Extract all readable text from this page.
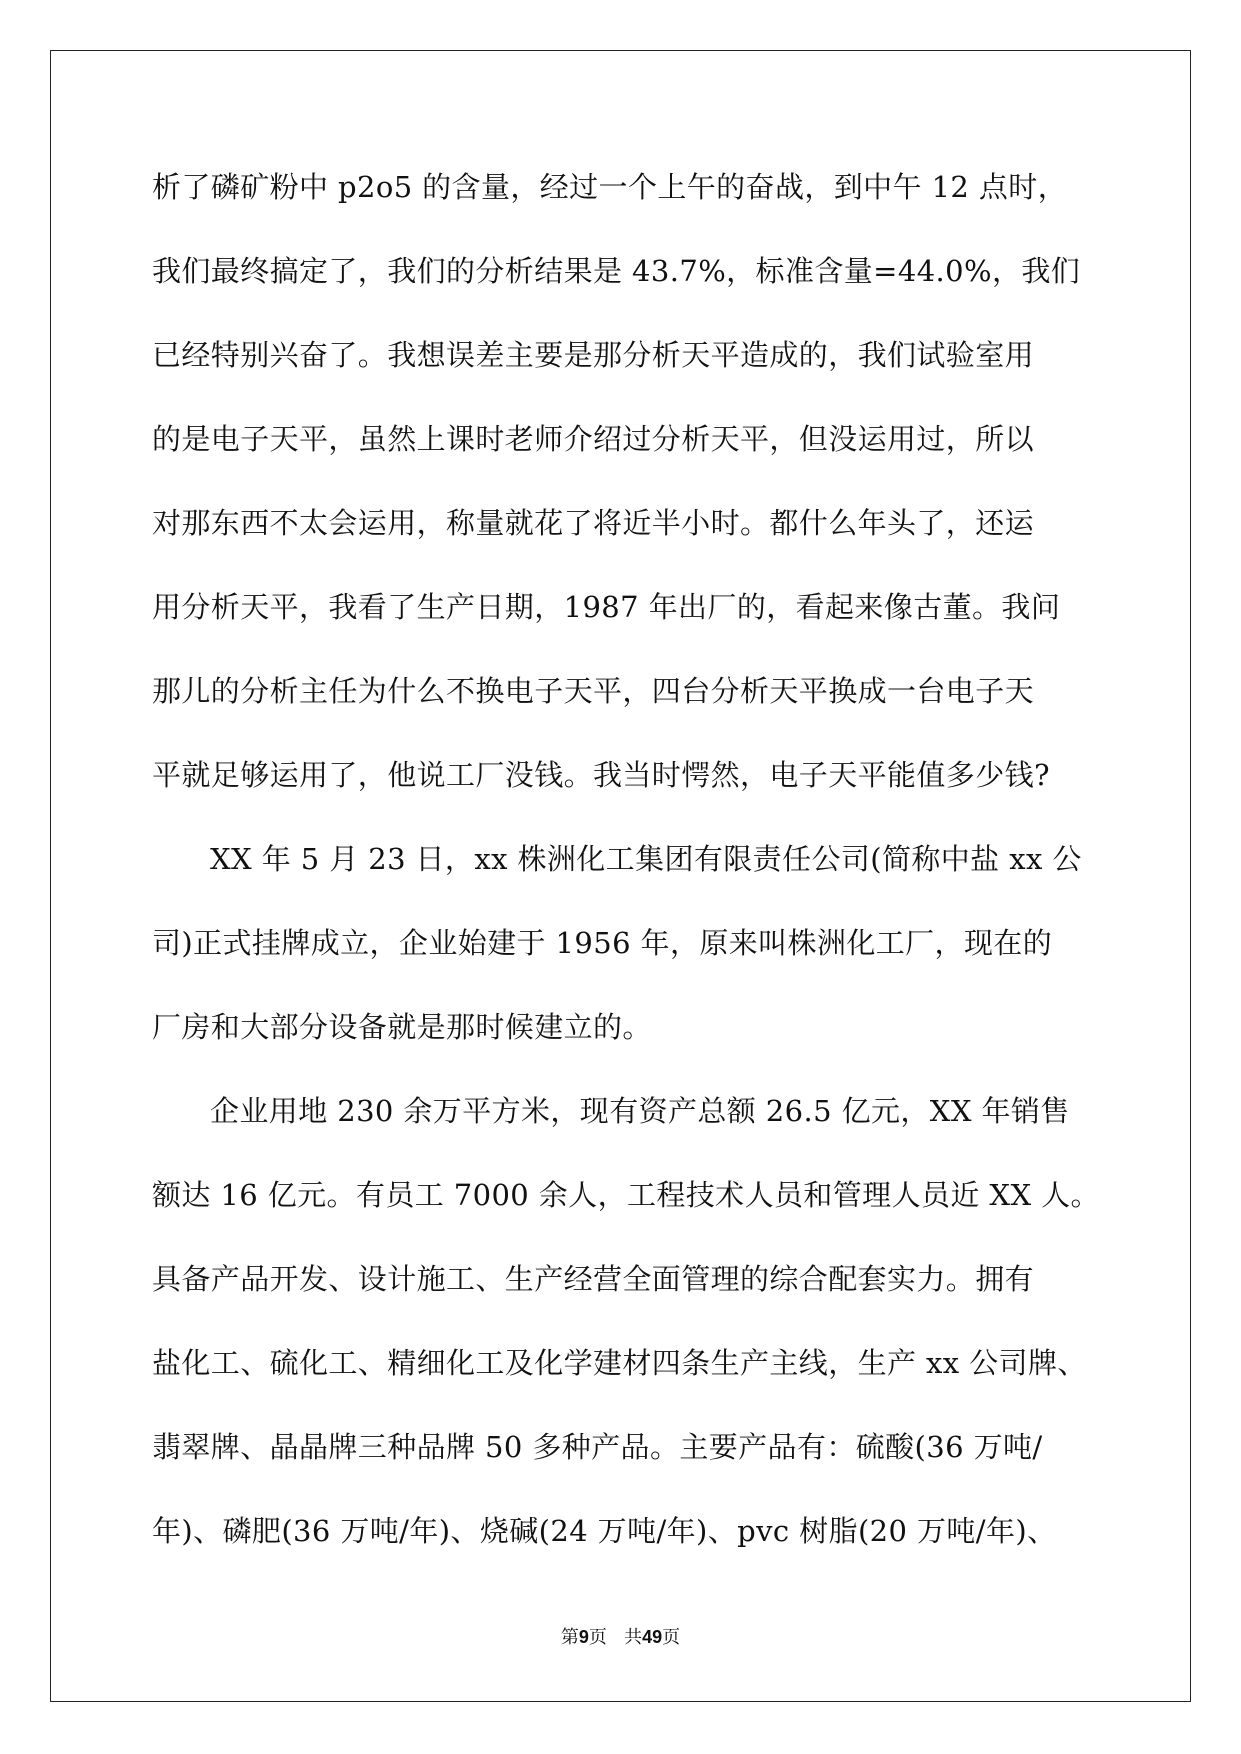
析了磷矿粉中 p2o5 的含量，经过一个上午的奋战，到中午 12 点时，
我们最终搞定了，我们的分析结果是 43.7%，标准含量=44.0%，我们
已经特别兴奋了。我想误差主要是那分析天平造成的，我们试验室用
的是电子天平，虽然上课时老师介绍过分析天平，但没运用过，所以
对那东西不太会运用，称量就花了将近半小时。都什么年头了，还运
用分析天平，我看了生产日期，1987 年出厂的，看起来像古董。我问
那儿的分析主任为什么不换电子天平，四台分析天平换成一台电子天
平就足够运用了，他说工厂没钱。我当时愕然，电子天平能值多少钱?
XX 年 5 月 23 日，xx 株洲化工集团有限责任公司(简称中盐 xx 公
司)正式挂牌成立，企业始建于 1956 年，原来叫株洲化工厂，现在的
厂房和大部分设备就是那时候建立的。
企业用地 230 余万平方米，现有资产总额 26.5 亿元，XX 年销售
额达 16 亿元。有员工 7000 余人，工程技术人员和管理人员近 XX 人。
具备产品开发、设计施工、生产经营全面管理的综合配套实力。拥有
盐化工、硫化工、精细化工及化学建材四条生产主线，生产 xx 公司牌、
翡翠牌、晶晶牌三种品牌 50 多种产品。主要产品有：硫酸(36 万吨/
年)、磷肥(36 万吨/年)、烧碱(24 万吨/年)、pvc 树脂(20 万吨/年)、
第9页 共49页
